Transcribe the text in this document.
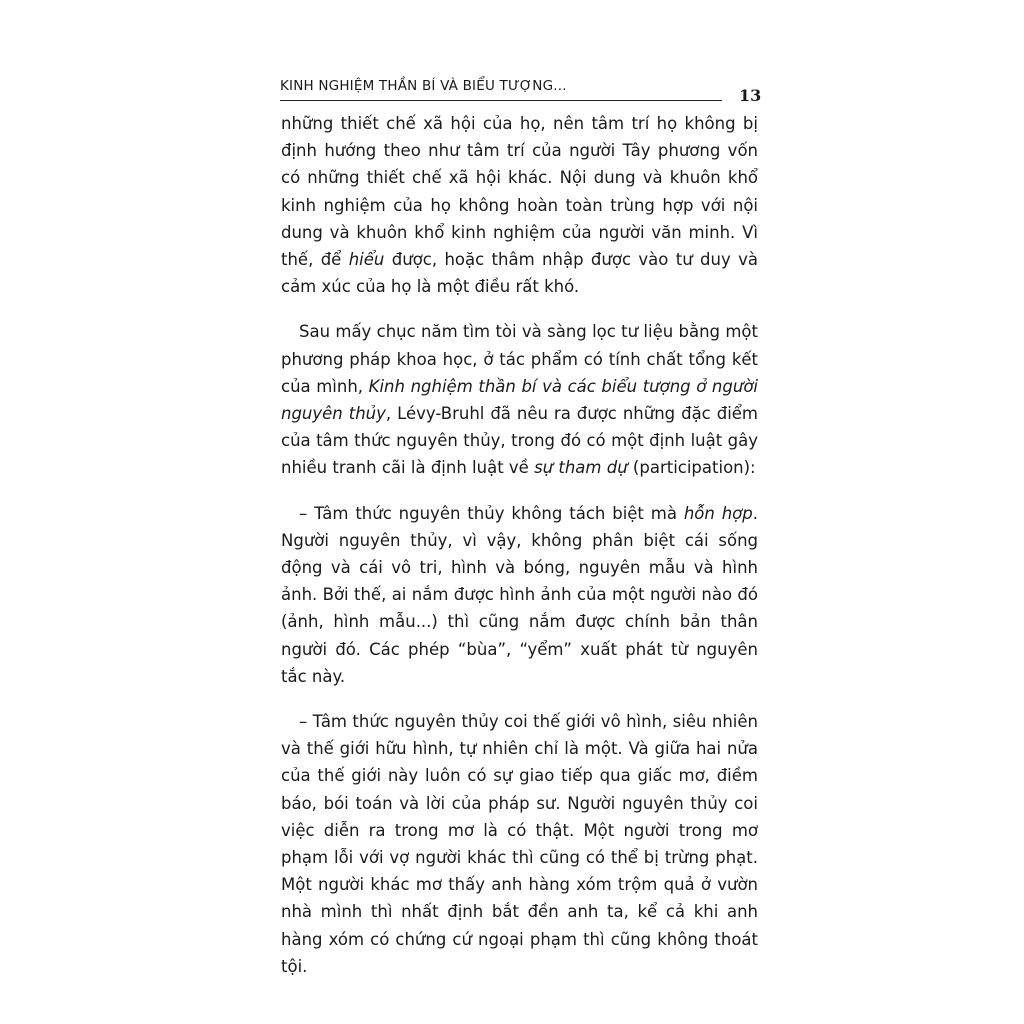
KINH NGHIỆM THẦN BÍ VÀ BIỂU TƯỢNG...	13

những thiết chế xã hội của họ, nên tâm trí họ không bị định hướng theo như tâm trí của người Tây phương vốn có những thiết chế xã hội khác. Nội dung và khuôn khổ kinh nghiệm của họ không hoàn toàn trùng hợp với nội dung và khuôn khổ kinh nghiệm của người văn minh. Vì thế, để hiểu được, hoặc thâm nhập được vào tư duy và cảm xúc của họ là một điều rất khó.

Sau mấy chục năm tìm tòi và sàng lọc tư liệu bằng một phương pháp khoa học, ở tác phẩm có tính chất tổng kết của mình, Kinh nghiệm thần bí và các biểu tượng ở người nguyên thủy, Lévy-Bruhl đã nêu ra được những đặc điểm của tâm thức nguyên thủy, trong đó có một định luật gây nhiều tranh cãi là định luật về sự tham dự (participation):

– Tâm thức nguyên thủy không tách biệt mà hỗn hợp. Người nguyên thủy, vì vậy, không phân biệt cái sống động và cái vô tri, hình và bóng, nguyên mẫu và hình ảnh. Bởi thế, ai nắm được hình ảnh của một người nào đó (ảnh, hình mẫu...) thì cũng nắm được chính bản thân người đó. Các phép “bùa”, “yểm” xuất phát từ nguyên tắc này.

– Tâm thức nguyên thủy coi thế giới vô hình, siêu nhiên và thế giới hữu hình, tự nhiên chỉ là một. Và giữa hai nửa của thế giới này luôn có sự giao tiếp qua giấc mơ, điềm báo, bói toán và lời của pháp sư. Người nguyên thủy coi việc diễn ra trong mơ là có thật. Một người trong mơ phạm lỗi với vợ người khác thì cũng có thể bị trừng phạt. Một người khác mơ thấy anh hàng xóm trộm quả ở vườn nhà mình thì nhất định bắt đền anh ta, kể cả khi anh hàng xóm có chứng cứ ngoại phạm thì cũng không thoát tội.
